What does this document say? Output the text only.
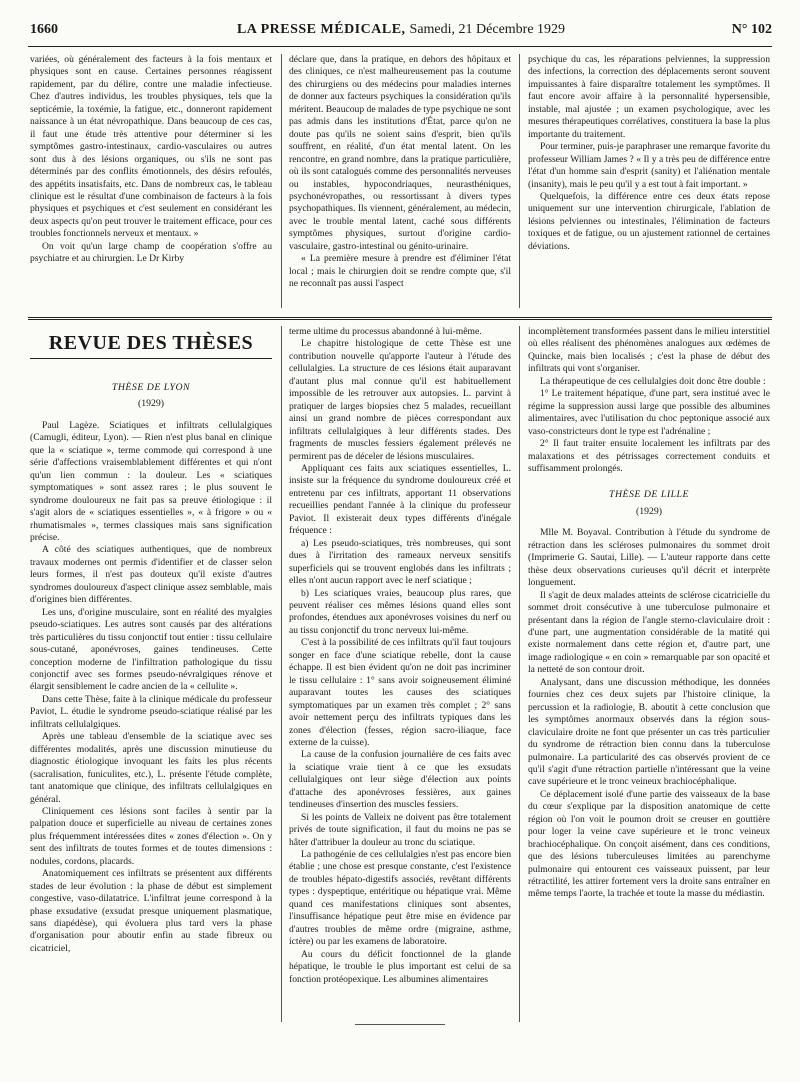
1660	LA PRESSE MÉDICALE, Samedi, 21 Décembre 1929	N° 102

variées, où généralement des facteurs à la fois mentaux et physiques sont en cause. Certaines personnes réagissent rapidement, par du délire, contre une maladie infectieuse. Chez d'autres individus, les troubles physiques, tels que la septicémie, la toxémie, la fatigue, etc., donneront rapidement naissance à un état névropathique. Dans beaucoup de ces cas, il faut une étude très attentive pour déterminer si les symptômes gastro-intestinaux, cardio-vasculaires ou autres sont dus à des lésions organiques, ou s'ils ne sont pas déterminés par des conflits émotionnels, des désirs refoulés, des appétits insatisfaits, etc. Dans de nombreux cas, le tableau clinique est le résultat d'une combinaison de facteurs à la fois physiques et psychiques et c'est seulement en considérant les deux aspects qu'on peut trouver le traitement efficace, pour ces troubles fonctionnels nerveux et mentaux. »

On voit qu'un large champ de coopération s'offre au psychiatre et au chirurgien. Le Dr Kirby

déclare que, dans la pratique, en dehors des hôpitaux et des cliniques, ce n'est malheureusement pas la coutume des chirurgiens ou des médecins pour maladies internes de donner aux facteurs psychiques la considération qu'ils méritent. Beaucoup de malades de type psychique ne sont pas admis dans les institutions d'État, parce qu'on ne doute pas qu'ils ne soient sains d'esprit, bien qu'ils souffrent, en réalité, d'un état mental latent. On les rencontre, en grand nombre, dans la pratique particulière, où ils sont catalogués comme des personnalités nerveuses ou instables, hypocondriaques, neurasthéniques, psychonévropathes, ou ressortissant à divers types psychopathiques. Ils viennent, généralement, au médecin, avec le trouble mental latent, caché sous différents symptômes physiques, surtout d'origine cardio-vasculaire, gastro-intestinal ou génito-urinaire.

« La première mesure à prendre est d'éliminer l'état local ; mais le chirurgien doit se rendre compte que, s'il ne reconnaît pas aussi l'aspect

psychique du cas, les réparations pelviennes, la suppression des infections, la correction des déplacements seront souvent impuissantes à faire disparaître totalement les symptômes. Il faut encore avoir affaire à la personnalité hypersensible, instable, mal ajustée ; un examen psychologique, avec les mesures thérapeutiques corrélatives, constituera la base la plus importante du traitement.

Pour terminer, puis-je paraphraser une remarque favorite du professeur William James ? « Il y a très peu de différence entre l'état d'un homme sain d'esprit (sanity) et l'aliénation mentale (insanity), mais le peu qu'il y a est tout à fait important. »

Quelquefois, la différence entre ces deux états repose uniquement sur une intervention chirurgicale, l'ablation de lésions pelviennes ou intestinales, l'élimination de facteurs toxiques et de fatigue, ou un ajustement rationnel de certaines déviations.

REVUE DES THÈSES
THÈSE DE LYON
(1929)

Paul Lagèze. Sciatiques et infiltrats cellulalgiques (Camugli, éditeur, Lyon). — Rien n'est plus banal en clinique que la « sciatique », terme commode qui correspond à une série d'affections vraisemblablement différentes et qui n'ont qu'un lien commun : la douleur. Les « sciatiques symptomatiques » sont assez rares ; le plus souvent le syndrome douloureux ne fait pas sa preuve étiologique : il s'agit alors de « sciatiques essentielles », « à frigore » ou « rhumatismales », termes classiques mais sans signification précise.

A côté des sciatiques authentiques, que de nombreux travaux modernes ont permis d'identifier et de classer selon leurs formes, il n'est pas douteux qu'il existe d'autres syndromes douloureux d'aspect clinique assez semblable, mais d'origines bien différentes.

Les uns, d'origine musculaire, sont en réalité des myalgies pseudo-sciatiques. Les autres sont causés par des altérations très particulières du tissu conjonctif tout entier : tissu cellulaire sous-cutané, aponévroses, gaines tendineuses. Cette conception moderne de l'infiltration pathologique du tissu conjonctif avec ses formes pseudo-névralgiques rénove et élargit sensiblement le cadre ancien de la « cellulite ».

Dans cette Thèse, faite à la clinique médicale du professeur Paviot, L. étudie le syndrome pseudo-sciatique réalisé par les infiltrats cellulalgiques.

Après une tableau d'ensemble de la sciatique avec ses différentes modalités, après une discussion minutieuse du diagnostic étiologique invoquant les faits les plus récents (sacralisation, funiculites, etc.), L. présente l'étude complète, tant anatomique que clinique, des infiltrats cellulalgiques en général.

Cliniquement ces lésions sont faciles à sentir par la palpation douce et superficielle au niveau de certaines zones plus fréquemment intéressées dites « zones d'élection ». On y sent des infiltrats de toutes formes et de toutes dimensions : nodules, cordons, placards.

Anatomiquement ces infiltrats se présentent aux différents stades de leur évolution : la phase de début est simplement congestive, vaso-dilatatrice. L'infiltrat jeune correspond à la phase exsudative (exsudat presque uniquement plasmatique, sans diapédèse), qui évoluera plus tard vers la phase d'organisation pour aboutir enfin au stade fibreux ou cicatriciel,

terme ultime du processus abandonné à lui-même.

Le chapitre histologique de cette Thèse est une contribution nouvelle qu'apporte l'auteur à l'étude des cellulalgies. La structure de ces lésions était auparavant d'autant plus mal connue qu'il est habituellement impossible de les retrouver aux autopsies. L. parvint à pratiquer de larges biopsies chez 5 malades, recueillant ainsi un grand nombre de pièces correspondant aux infiltrats cellulalgiques à leur différents stades. Des fragments de muscles fessiers également prélevés ne permirent pas de déceler de lésions musculaires.

Appliquant ces faits aux sciatiques essentielles, L. insiste sur la fréquence du syndrome douloureux créé et entretenu par ces infiltrats, apportant 11 observations recueillies pendant l'année à la clinique du professeur Paviot. Il existerait deux types différents d'inégale fréquence :

a) Les pseudo-sciatiques, très nombreuses, qui sont dues à l'irritation des rameaux nerveux sensitifs superficiels qui se trouvent englobés dans les infiltrats ; elles n'ont aucun rapport avec le nerf sciatique ;

b) Les sciatiques vraies, beaucoup plus rares, que peuvent réaliser ces mêmes lésions quand elles sont profondes, étendues aux aponévroses voisines du nerf ou au tissu conjonctif du tronc nerveux lui-même.

C'est à la possibilité de ces infiltrats qu'il faut toujours songer en face d'une sciatique rebelle, dont la cause échappe. Il est bien évident qu'on ne doit pas incriminer le tissu cellulaire : 1° sans avoir soigneusement éliminé auparavant toutes les causes des sciatiques symptomatiques par un examen très complet ; 2° sans avoir nettement perçu des infiltrats typiques dans les zones d'élection (fesses, région sacro-iliaque, face externe de la cuisse).

La cause de la confusion journalière de ces faits avec la sciatique vraie tient à ce que les exsudats cellulalgiques ont leur siège d'élection aux points d'attache des aponévroses fessières, aux gaines tendineuses d'insertion des muscles fessiers.

Si les points de Valleix ne doivent pas être totalement privés de toute signification, il faut du moins ne pas se hâter d'attribuer la douleur au tronc du sciatique.

La pathogénie de ces cellulalgies n'est pas encore bien établie ; une chose est presque constante, c'est l'existence de troubles hépato-digestifs associés, revêtant différents types : dyspeptique, entéritique ou hépatique vrai. Même quand ces manifestations cliniques sont absentes, l'insuffisance hépatique peut être mise en évidence par d'autres troubles de même ordre (migraine, asthme, ictère) ou par les examens de laboratoire.

Au cours du déficit fonctionnel de la glande hépatique, le trouble le plus important est celui de sa fonction protéopexique. Les albumines alimentaires

incomplètement transformées passent dans le milieu interstitiel où elles réalisent des phénomènes analogues aux œdèmes de Quincke, mais bien localisés ; c'est la phase de début des infiltrats qui vont s'organiser.

La thérapeutique de ces cellulalgies doit donc être double :

1° Le traitement hépatique, d'une part, sera institué avec le régime la suppression aussi large que possible des albumines alimentaires, avec l'utilisation du choc peptonique associé aux vaso-constricteurs dont le type est l'adrénaline ;

2° Il faut traiter ensuite localement les infiltrats par des malaxations et des pétrissages correctement conduits et suffisamment prolongés.

THÈSE DE LILLE
(1929)

Mlle M. Boyaval. Contribution à l'étude du syndrome de rétraction dans les scléroses pulmonaires du sommet droit (Imprimerie G. Sautai, Lille). — L'auteur rapporte dans cette thèse deux observations curieuses qu'il décrit et interprète longuement.

Il s'agit de deux malades atteints de sclérose cicatricielle du sommet droit consécutive à une tuberculose pulmonaire et présentant dans la région de l'angle sterno-claviculaire droit : d'une part, une augmentation considérable de la matité qui existe normalement dans cette région et, d'autre part, une image radiologique « en coin » remarquable par son opacité et la netteté de son contour droit.

Analysant, dans une discussion méthodique, les données fournies chez ces deux sujets par l'histoire clinique, la percussion et la radiologie, B. aboutit à cette conclusion que les symptômes anormaux observés dans la région sous-claviculaire droite ne font que présenter un cas très particulier du syndrome de rétraction bien connu dans la tuberculose pulmonaire. La particularité des cas observés provient de ce qu'il s'agit d'une rétraction partielle n'intéressant que la veine cave supérieure et le tronc veineux brachiocéphalique.

Ce déplacement isolé d'une partie des vaisseaux de la base du cœur s'explique par la disposition anatomique de cette région où l'on voit le poumon droit se creuser en gouttière pour loger la veine cave supérieure et le tronc veineux brachiocéphalique. On conçoit aisément, dans ces conditions, que des lésions tuberculeuses limitées au parenchyme pulmonaire qui entourent ces vaisseaux puissent, par leur rétractilité, les attirer fortement vers la droite sans entraîner en même temps l'aorte, la trachée et toute la masse du médiastin.
